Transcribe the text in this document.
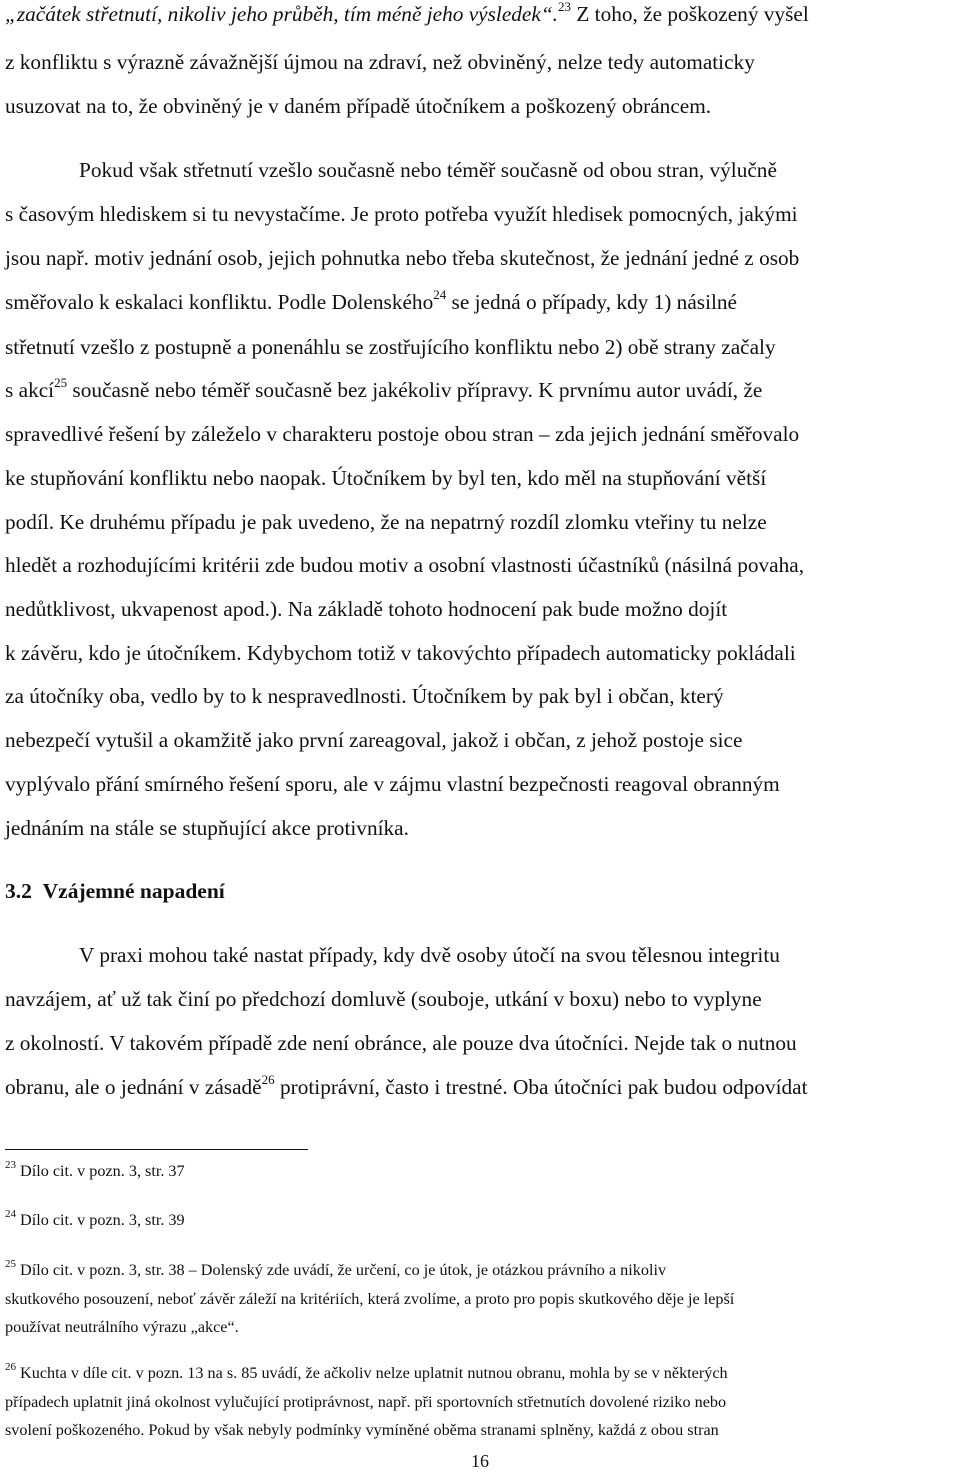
„začátek střetnutí, nikoliv jeho průběh, tím méně jeho výsledek“.$^{23}$ Z toho, že poškozený vyšel
z konfliktu s výrazně závažnější újmou na zdraví, než obviněný, nelze tedy automaticky
usuzovat na to, že obviněný je v daném případě útočníkem a poškozený obráncem.
Pokud však střetnutí vzešlo současně nebo téměř současně od obou stran, výlučně
s časovým hlediskem si tu nevystačíme. Je proto potřeba využít hledisek pomocných, jakými
jsou např. motiv jednání osob, jejich pohnutka nebo třeba skutečnost, že jednání jedné z osob
směřovalo k eskalaci konfliktu. Podle Dolenského$^{24}$ se jedná o případy, kdy 1) násilné
střetnutí vzešlo z postupně a ponenáhlu se zostřujícího konfliktu nebo 2) obě strany začaly
s akcí$^{25}$ současně nebo téměř současně bez jakékoliv přípravy. K prvnímu autor uvádí, že
spravedlivé řešení by záleželo v charakteru postoje obou stran – zda jejich jednání směřovalo
ke stupňování konfliktu nebo naopak. Útočníkem by byl ten, kdo měl na stupňování větší
podíl. Ke druhému případu je pak uvedeno, že na nepatrný rozdíl zlomku vteřiny tu nelze
hledět a rozhodujícími kritérii zde budou motiv a osobní vlastnosti účastníků (násilná povaha,
nedůtklivost, ukvapenost apod.). Na základě tohoto hodnocení pak bude možno dojít
k závěru, kdo je útočníkem. Kdybychom totiž v takovýchto případech automaticky pokládali
za útočníky oba, vedlo by to k nespravedlnosti. Útočníkem by pak byl i občan, který
nebezpečí vytušil a okamžitě jako první zareagoval, jakož i občan, z jehož postoje sice
vyplývalo přání smírného řešení sporu, ale v zájmu vlastní bezpečnosti reagoval obranným
jednáním na stále se stupňující akce protivníka.
3.2 Vzájemné napadení
V praxi mohou také nastat případy, kdy dvě osoby útočí na svou tělesnou integritu
navzájem, ať už tak činí po předchozí domluvě (souboje, utkání v boxu) nebo to vyplyne
z okolností. V takovém případě zde není obránce, ale pouze dva útočníci. Nejde tak o nutnou
obranu, ale o jednání v zásadě$^{26}$ protiprávní, často i trestné. Oba útočníci pak budou odpovídat
$^{23}$ Dílo cit. v pozn. 3, str. 37
$^{24}$ Dílo cit. v pozn. 3, str. 39
$^{25}$ Dílo cit. v pozn. 3, str. 38 – Dolenský zde uvádí, že určení, co je útok, je otázkou právního a nikoliv
skutkového posouzení, neboť závěr záleží na kritériích, která zvolíme, a proto pro popis skutkového děje je lepší
používat neutrálního výrazu „akce“.
$^{26}$ Kuchta v díle cit. v pozn. 13 na s. 85 uvádí, že ačkoliv nelze uplatnit nutnou obranu, mohla by se v některých
případech uplatnit jiná okolnost vylučující protiprávnost, např. při sportovních střetnutích dovolené riziko nebo
svolení poškozeného. Pokud by však nebyly podmínky vymíněné oběma stranami splněny, každá z obou stran
16
